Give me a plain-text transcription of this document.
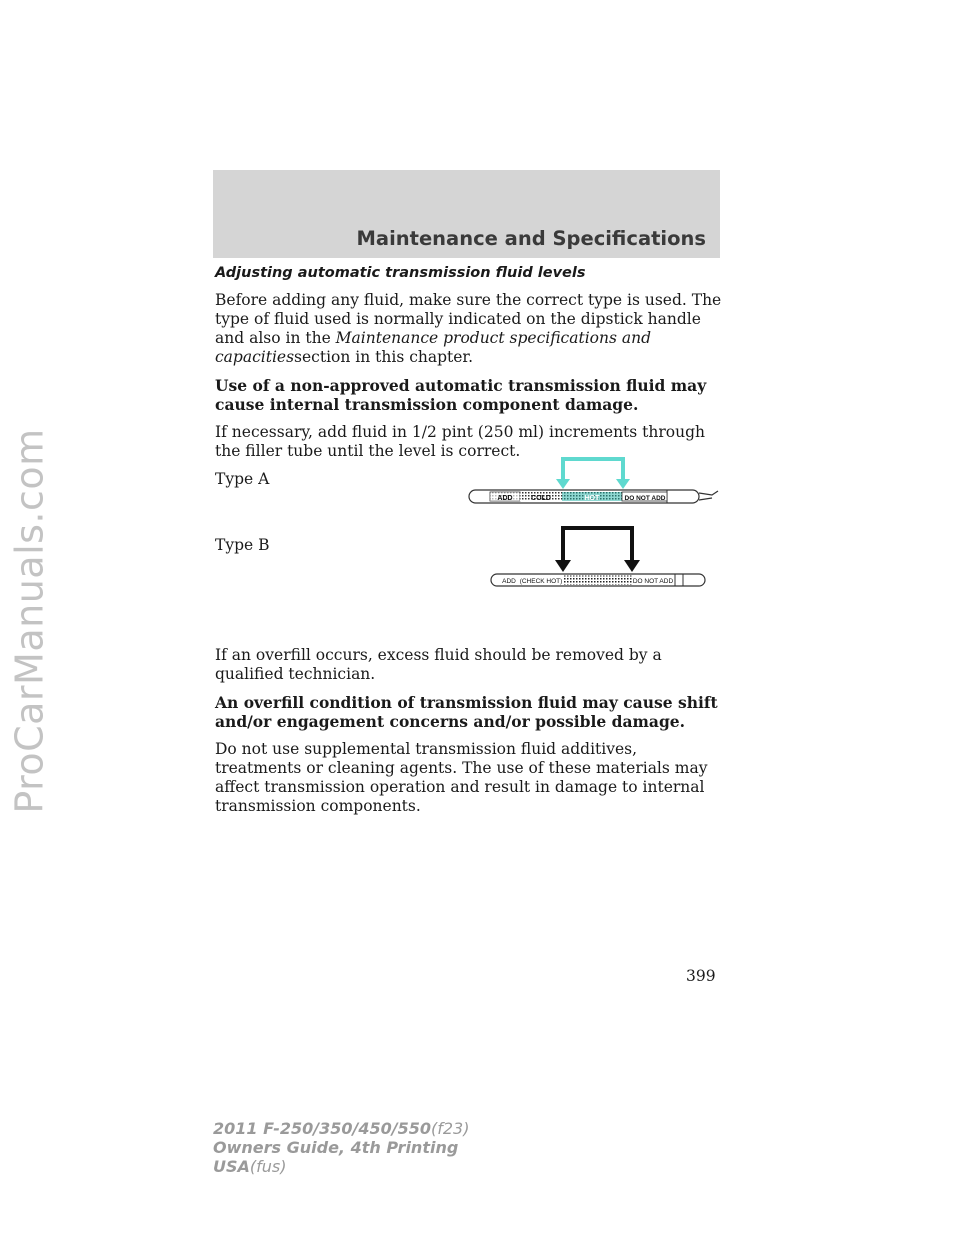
ProCarManuals.com
Maintenance and Specifications

Adjusting automatic transmission fluid levels

Before adding any fluid, make sure the correct type is used. The type of fluid used is normally indicated on the dipstick handle and also in the Maintenance product specifications and capacitiessection in this chapter.

Use of a non-approved automatic transmission fluid may cause internal transmission component damage.

If necessary, add fluid in 1/2 pint (250 ml) increments through the filler tube until the level is correct.

Type A
ADD	COLD	HOT	DO NOT ADD
Type B
ADD (CHECK HOT)	DO NOT ADD

If an overfill occurs, excess fluid should be removed by a qualified technician.

An overfill condition of transmission fluid may cause shift and/or engagement concerns and/or possible damage.

Do not use supplemental transmission fluid additives, treatments or cleaning agents. The use of these materials may affect transmission operation and result in damage to internal transmission components.

399
2011 F-250/350/450/550(f23)
Owners Guide, 4th Printing
USA(fus)
